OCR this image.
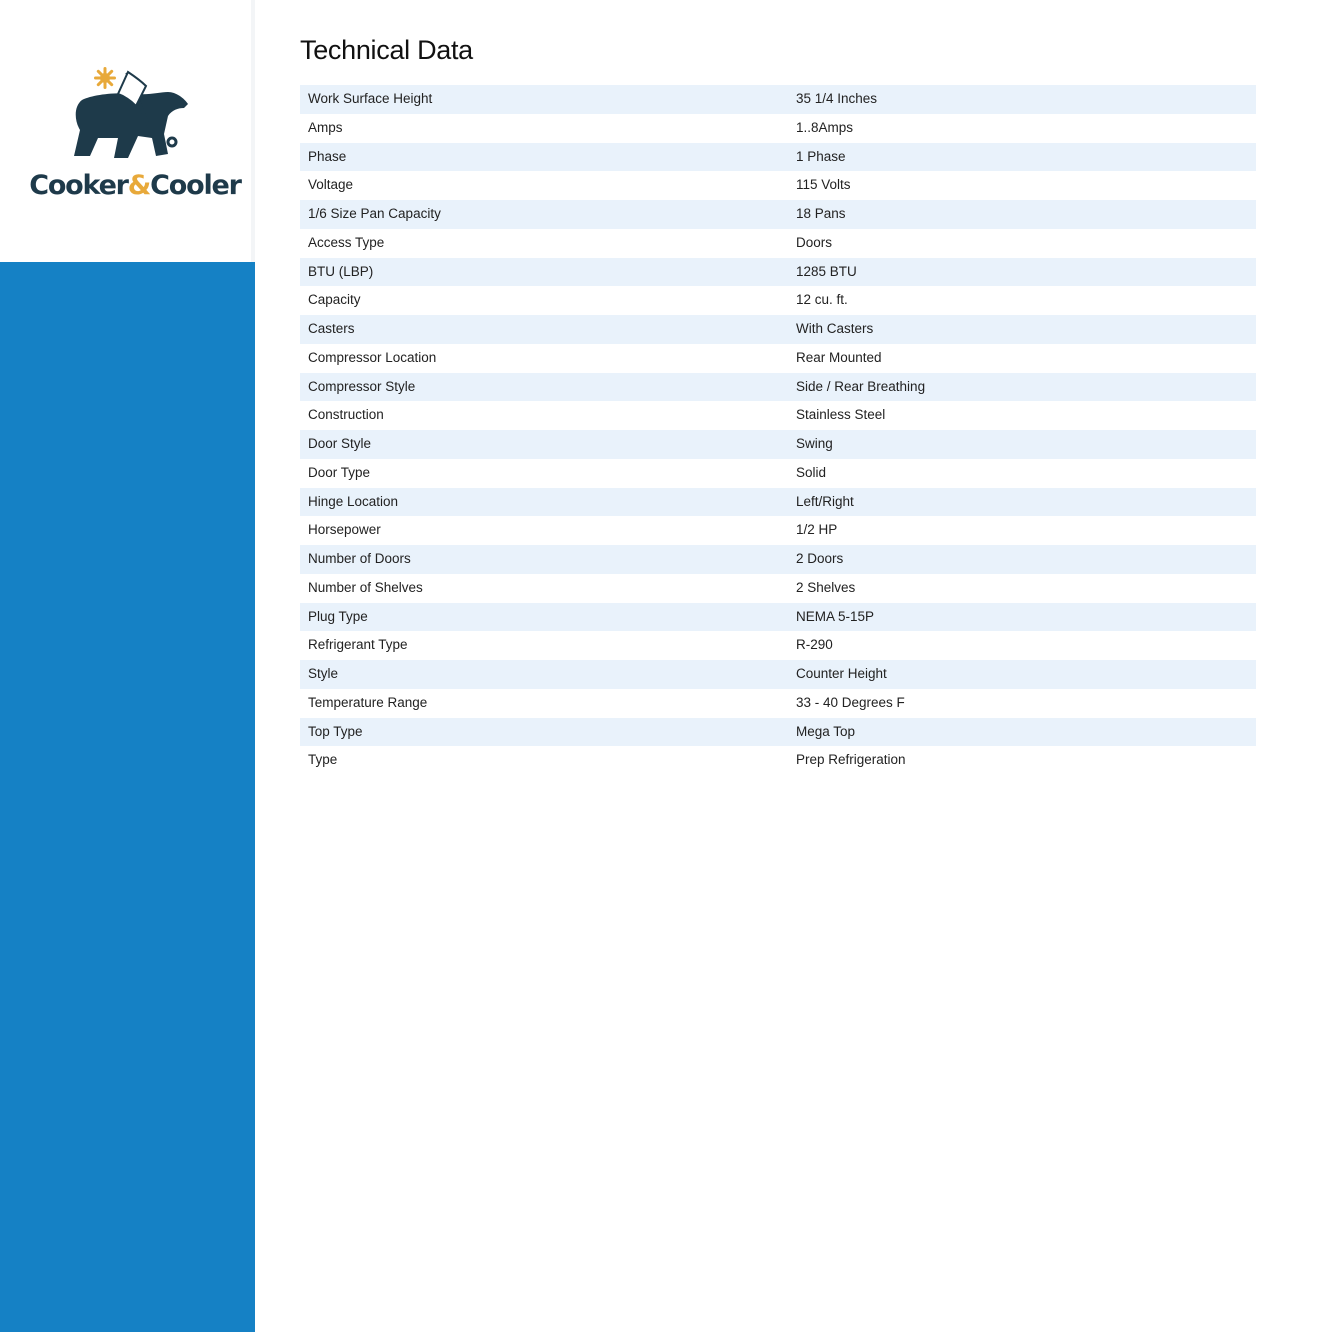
Cooker&Cooler
Technical Data
Work Surface Height	35 1/4 Inches
Amps	1..8Amps
Phase	1 Phase
Voltage	115 Volts
1/6 Size Pan Capacity	18 Pans
Access Type	Doors
BTU (LBP)	1285 BTU
Capacity	12 cu. ft.
Casters	With Casters
Compressor Location	Rear Mounted
Compressor Style	Side / Rear Breathing
Construction	Stainless Steel
Door Style	Swing
Door Type	Solid
Hinge Location	Left/Right
Horsepower	1/2 HP
Number of Doors	2 Doors
Number of Shelves	2 Shelves
Plug Type	NEMA 5-15P
Refrigerant Type	R-290
Style	Counter Height
Temperature Range	33 - 40 Degrees F
Top Type	Mega Top
Type	Prep Refrigeration
